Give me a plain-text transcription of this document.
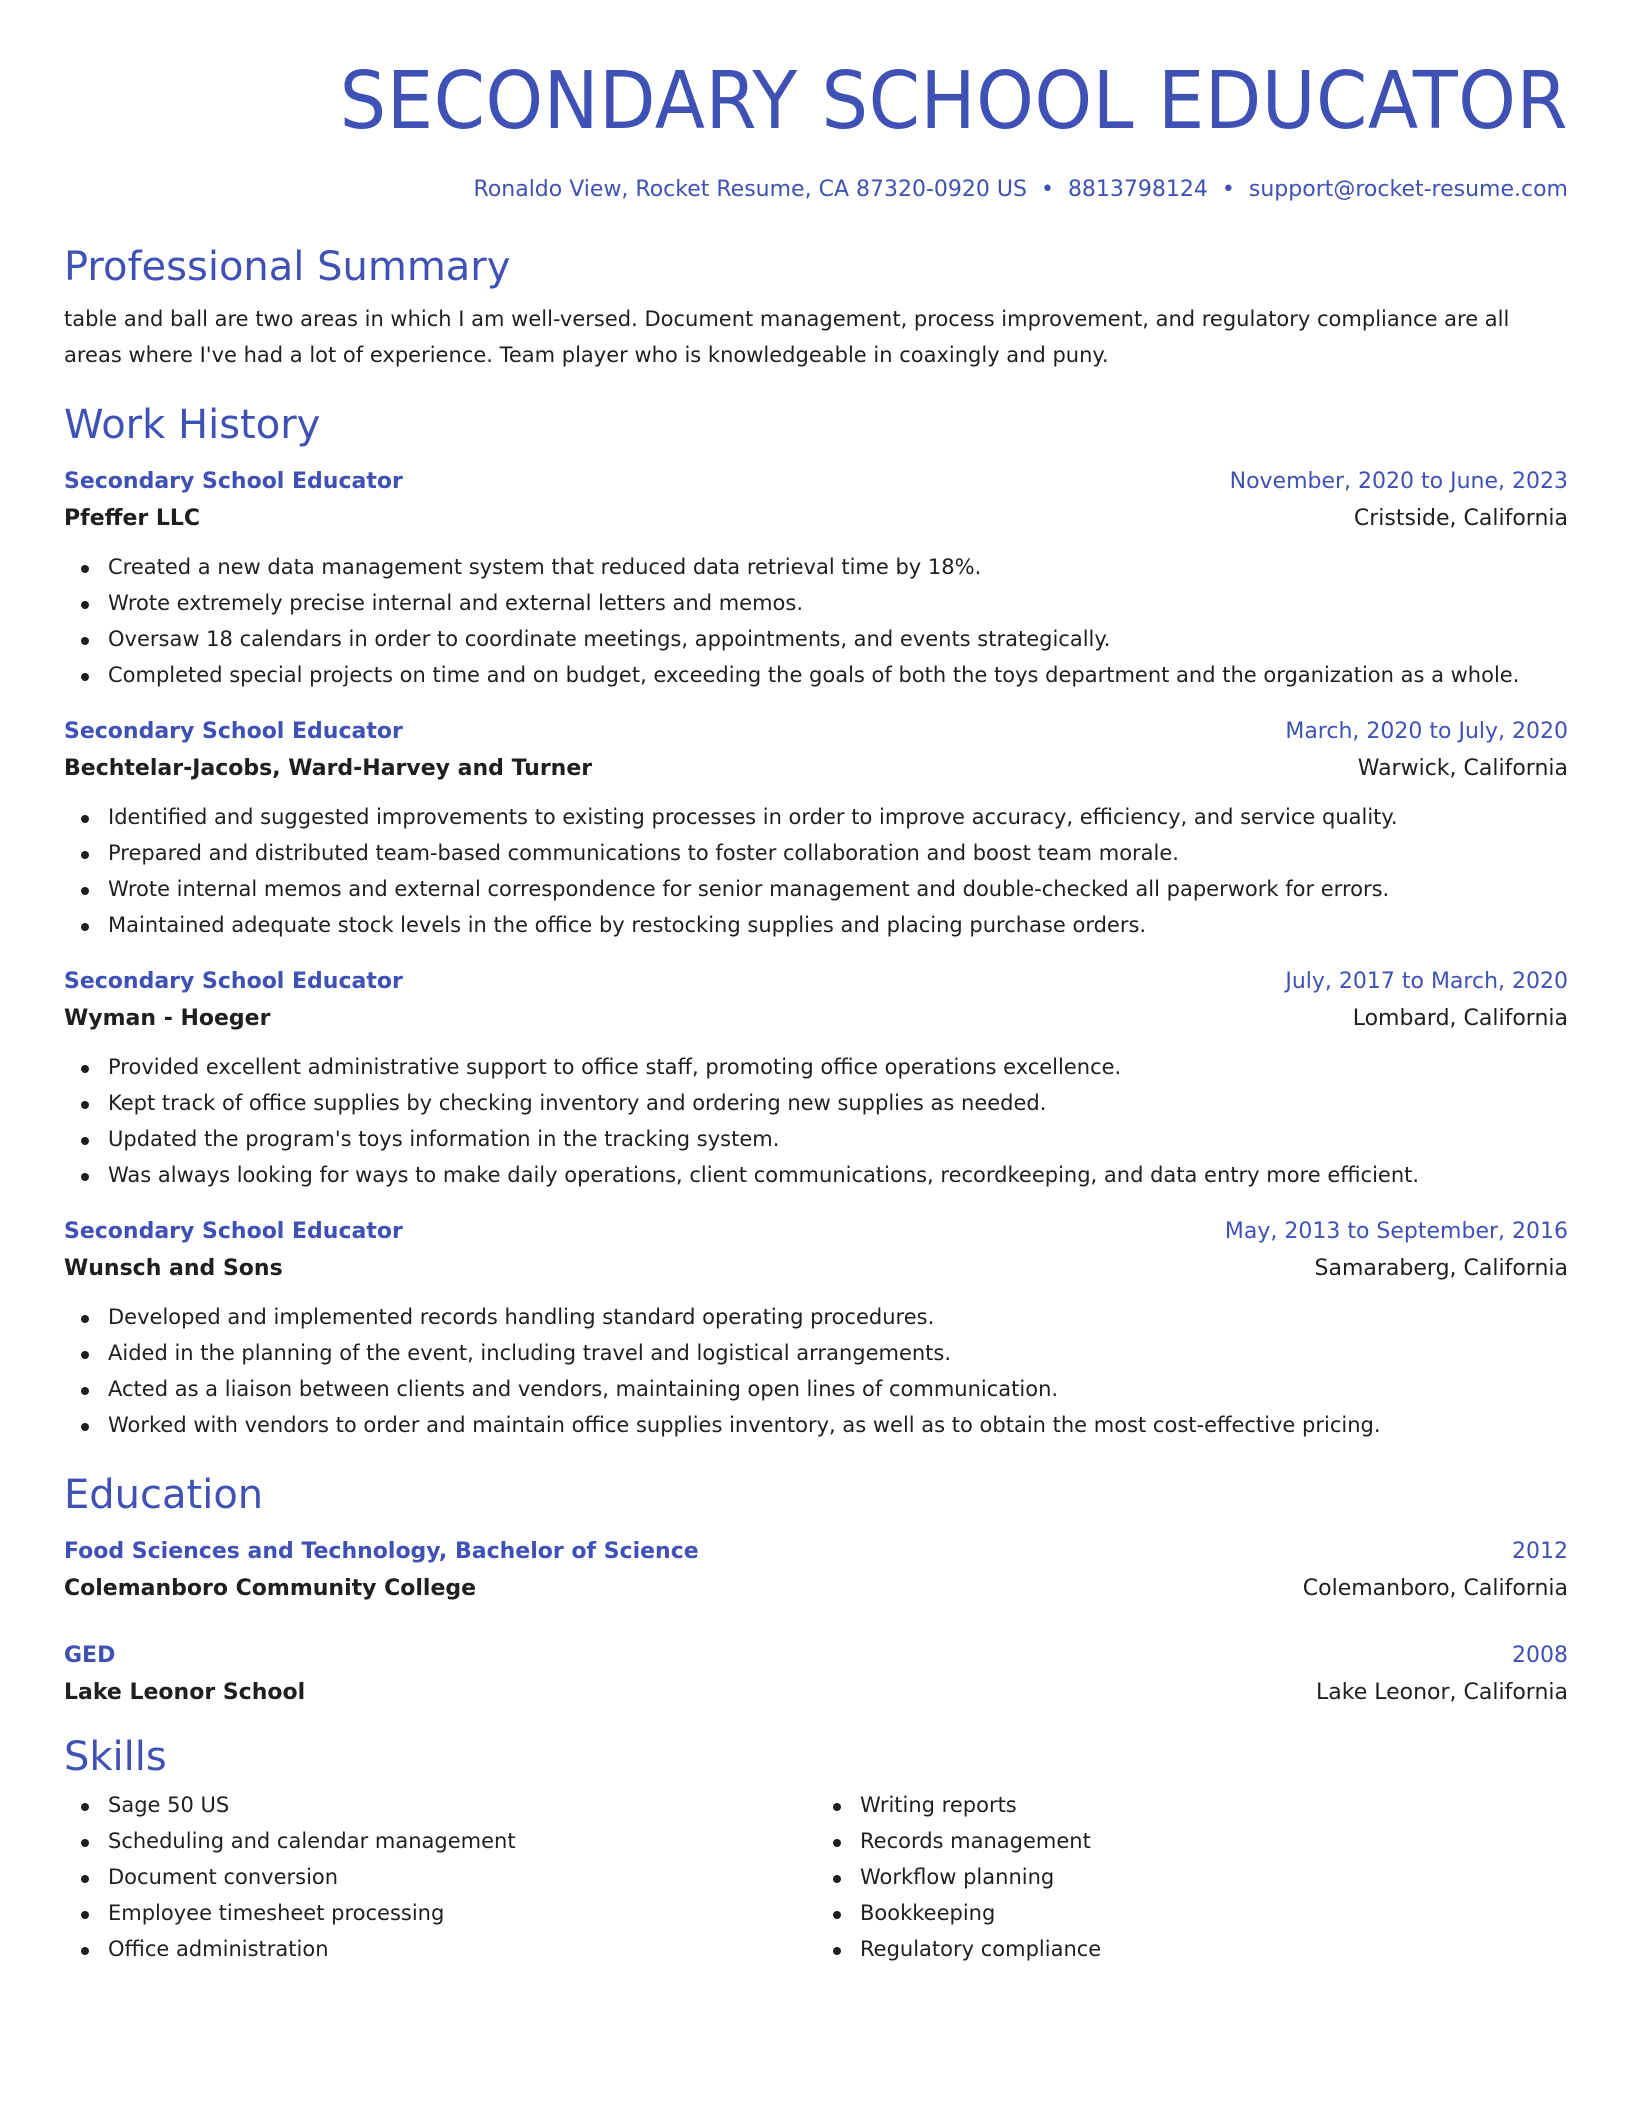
SECONDARY SCHOOL EDUCATOR
Ronaldo View, Rocket Resume, CA 87320-0920 US • 8813798124 • support@rocket-resume.com
Professional Summary

table and ball are two areas in which I am well-versed. Document management, process improvement, and regulatory compliance are all areas where I've had a lot of experience. Team player who is knowledgeable in coaxingly and puny.

Work History
Secondary School Educator	November, 2020 to June, 2023
Pfeffer LLC	Cristside, California
Created a new data management system that reduced data retrieval time by 18%.
Wrote extremely precise internal and external letters and memos.
Oversaw 18 calendars in order to coordinate meetings, appointments, and events strategically.
Completed special projects on time and on budget, exceeding the goals of both the toys department and the organization as a whole.
Secondary School Educator	March, 2020 to July, 2020
Bechtelar-Jacobs, Ward-Harvey and Turner	Warwick, California
Identified and suggested improvements to existing processes in order to improve accuracy, efficiency, and service quality.
Prepared and distributed team-based communications to foster collaboration and boost team morale.
Wrote internal memos and external correspondence for senior management and double-checked all paperwork for errors.
Maintained adequate stock levels in the office by restocking supplies and placing purchase orders.
Secondary School Educator	July, 2017 to March, 2020
Wyman - Hoeger	Lombard, California
Provided excellent administrative support to office staff, promoting office operations excellence.
Kept track of office supplies by checking inventory and ordering new supplies as needed.
Updated the program's toys information in the tracking system.
Was always looking for ways to make daily operations, client communications, recordkeeping, and data entry more efficient.
Secondary School Educator	May, 2013 to September, 2016
Wunsch and Sons	Samaraberg, California
Developed and implemented records handling standard operating procedures.
Aided in the planning of the event, including travel and logistical arrangements.
Acted as a liaison between clients and vendors, maintaining open lines of communication.
Worked with vendors to order and maintain office supplies inventory, as well as to obtain the most cost-effective pricing.
Education
Food Sciences and Technology, Bachelor of Science	2012
Colemanboro Community College	Colemanboro, California
GED	2008
Lake Leonor School	Lake Leonor, California
Skills
Sage 50 US
Scheduling and calendar management
Document conversion
Employee timesheet processing
Office administration
Writing reports
Records management
Workflow planning
Bookkeeping
Regulatory compliance
